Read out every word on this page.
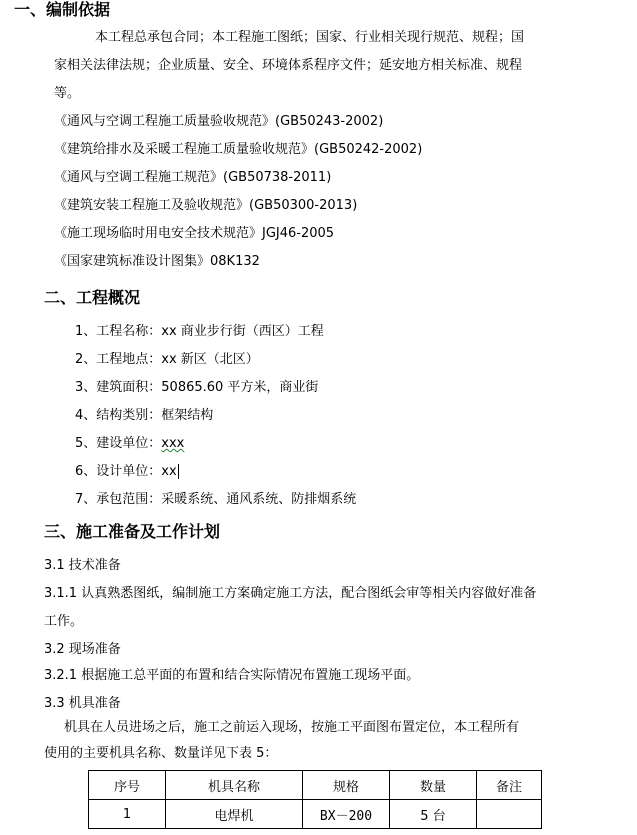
一、编制依据
本工程总承包合同；本工程施工图纸；国家、行业相关现行规范、规程；国
家相关法律法规；企业质量、安全、环境体系程序文件；延安地方相关标准、规程
等。
《通风与空调工程施工质量验收规范》(GB50243-2002)
《建筑给排水及采暖工程施工质量验收规范》(GB50242-2002)
《通风与空调工程施工规范》(GB50738-2011)
《建筑安装工程施工及验收规范》(GB50300-2013)
《施工现场临时用电安全技术规范》JGJ46-2005
《国家建筑标准设计图集》08K132
二、工程概况
1、工程名称：xx 商业步行街（西区）工程
2、工程地点：xx 新区（北区）
3、建筑面积：50865.60 平方米，商业街
4、结构类别：框架结构
5、建设单位：xxx
6、设计单位：xx
7、承包范围：采暖系统、通风系统、防排烟系统
三、施工准备及工作计划
3.1 技术准备
3.1.1 认真熟悉图纸，编制施工方案确定施工方法，配合图纸会审等相关内容做好准备
工作。
3.2 现场准备
3.2.1 根据施工总平面的布置和结合实际情况布置施工现场平面。
3.3 机具准备
机具在人员进场之后，施工之前运入现场，按施工平面图布置定位，本工程所有
使用的主要机具名称、数量详见下表 5：
序号	机具名称	规格	数量	备注
1	电焊机	BX－200	5 台	
